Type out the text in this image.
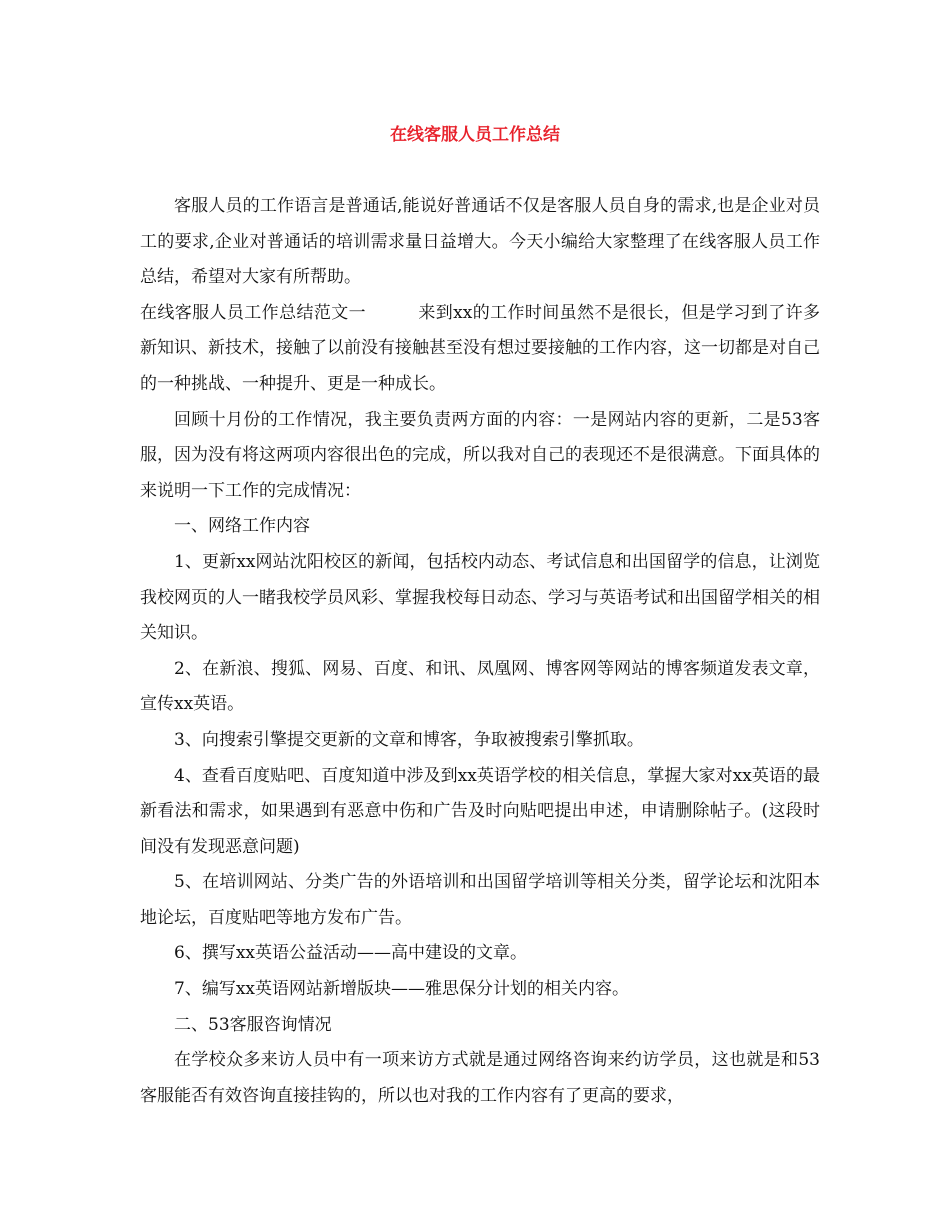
在线客服人员工作总结

客服人员的工作语言是普通话,能说好普通话不仅是客服人员自身的需求,也是企业对员工的要求,企业对普通话的培训需求量日益增大。今天小编给大家整理了在线客服人员工作总结，希望对大家有所帮助。

在线客服人员工作总结范文一	来到xx的工作时间虽然不是很长，但是学习到了许多新知识、新技术，接触了以前没有接触甚至没有想过要接触的工作内容，这一切都是对自己的一种挑战、一种提升、更是一种成长。

回顾十月份的工作情况，我主要负责两方面的内容：一是网站内容的更新，二是53客服，因为没有将这两项内容很出色的完成，所以我对自己的表现还不是很满意。下面具体的来说明一下工作的完成情况：

一、网络工作内容

1、更新xx网站沈阳校区的新闻，包括校内动态、考试信息和出国留学的信息，让浏览我校网页的人一睹我校学员风彩、掌握我校每日动态、学习与英语考试和出国留学相关的相关知识。

2、在新浪、搜狐、网易、百度、和讯、凤凰网、博客网等网站的博客频道发表文章，宣传xx英语。

3、向搜索引擎提交更新的文章和博客，争取被搜索引擎抓取。

4、查看百度贴吧、百度知道中涉及到xx英语学校的相关信息，掌握大家对xx英语的最新看法和需求，如果遇到有恶意中伤和广告及时向贴吧提出申述，申请删除帖子。(这段时间没有发现恶意问题)

5、在培训网站、分类广告的外语培训和出国留学培训等相关分类，留学论坛和沈阳本地论坛，百度贴吧等地方发布广告。

6、撰写xx英语公益活动——高中建设的文章。

7、编写xx英语网站新增版块——雅思保分计划的相关内容。

二、53客服咨询情况

在学校众多来访人员中有一项来访方式就是通过网络咨询来约访学员，这也就是和53客服能否有效咨询直接挂钩的，所以也对我的工作内容有了更高的要求，
